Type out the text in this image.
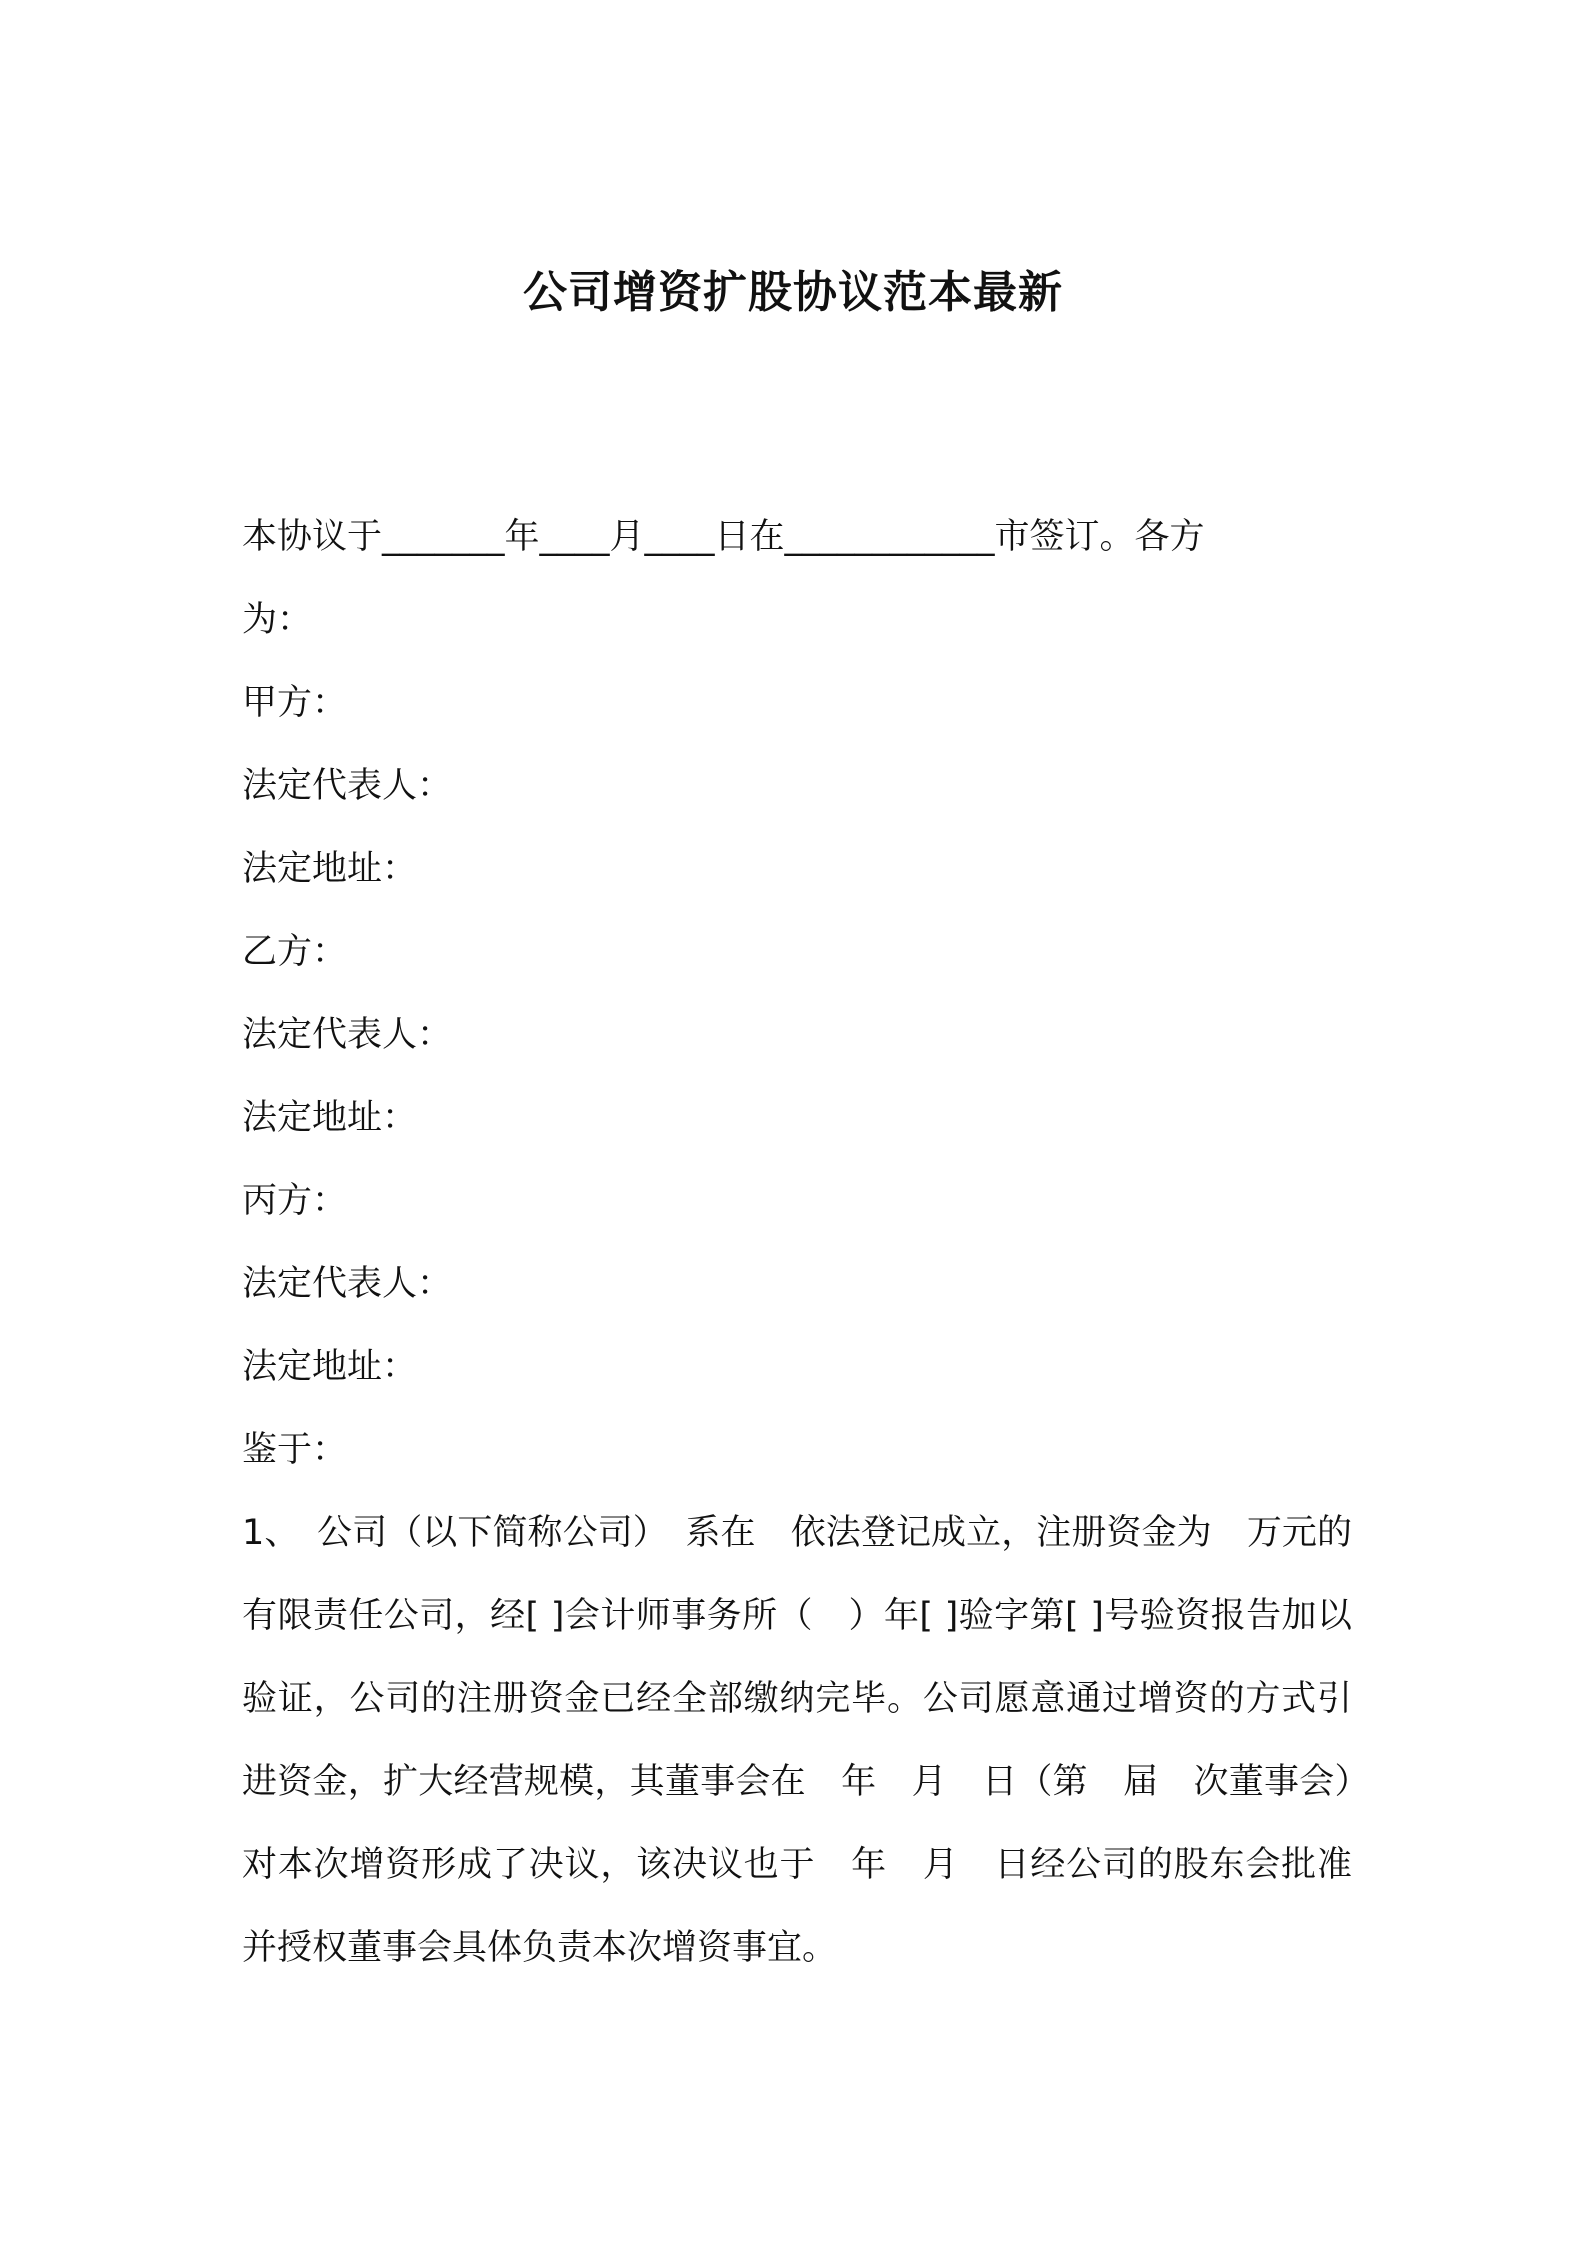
公司增资扩股协议范本最新
本协议于_______年____月____日在____________市签订。各方
为：
甲方：
法定代表人：
法定地址：
乙方：
法定代表人：
法定地址：
丙方：
法定代表人：
法定地址：
鉴于：
1、　公司（以下简称公司）　系在　依法登记成立，注册资金为　万元的有限责任公司，经[ ]会计师事务所（　）年[ ]验字第[ ]号验资报告加以验证，公司的注册资金已经全部缴纳完毕。公司愿意通过增资的方式引进资金，扩大经营规模，其董事会在　年　月　日（第　届　次董事会）对本次增资形成了决议，该决议也于　年　月　日经公司的股东会批准并授权董事会具体负责本次增资事宜。
